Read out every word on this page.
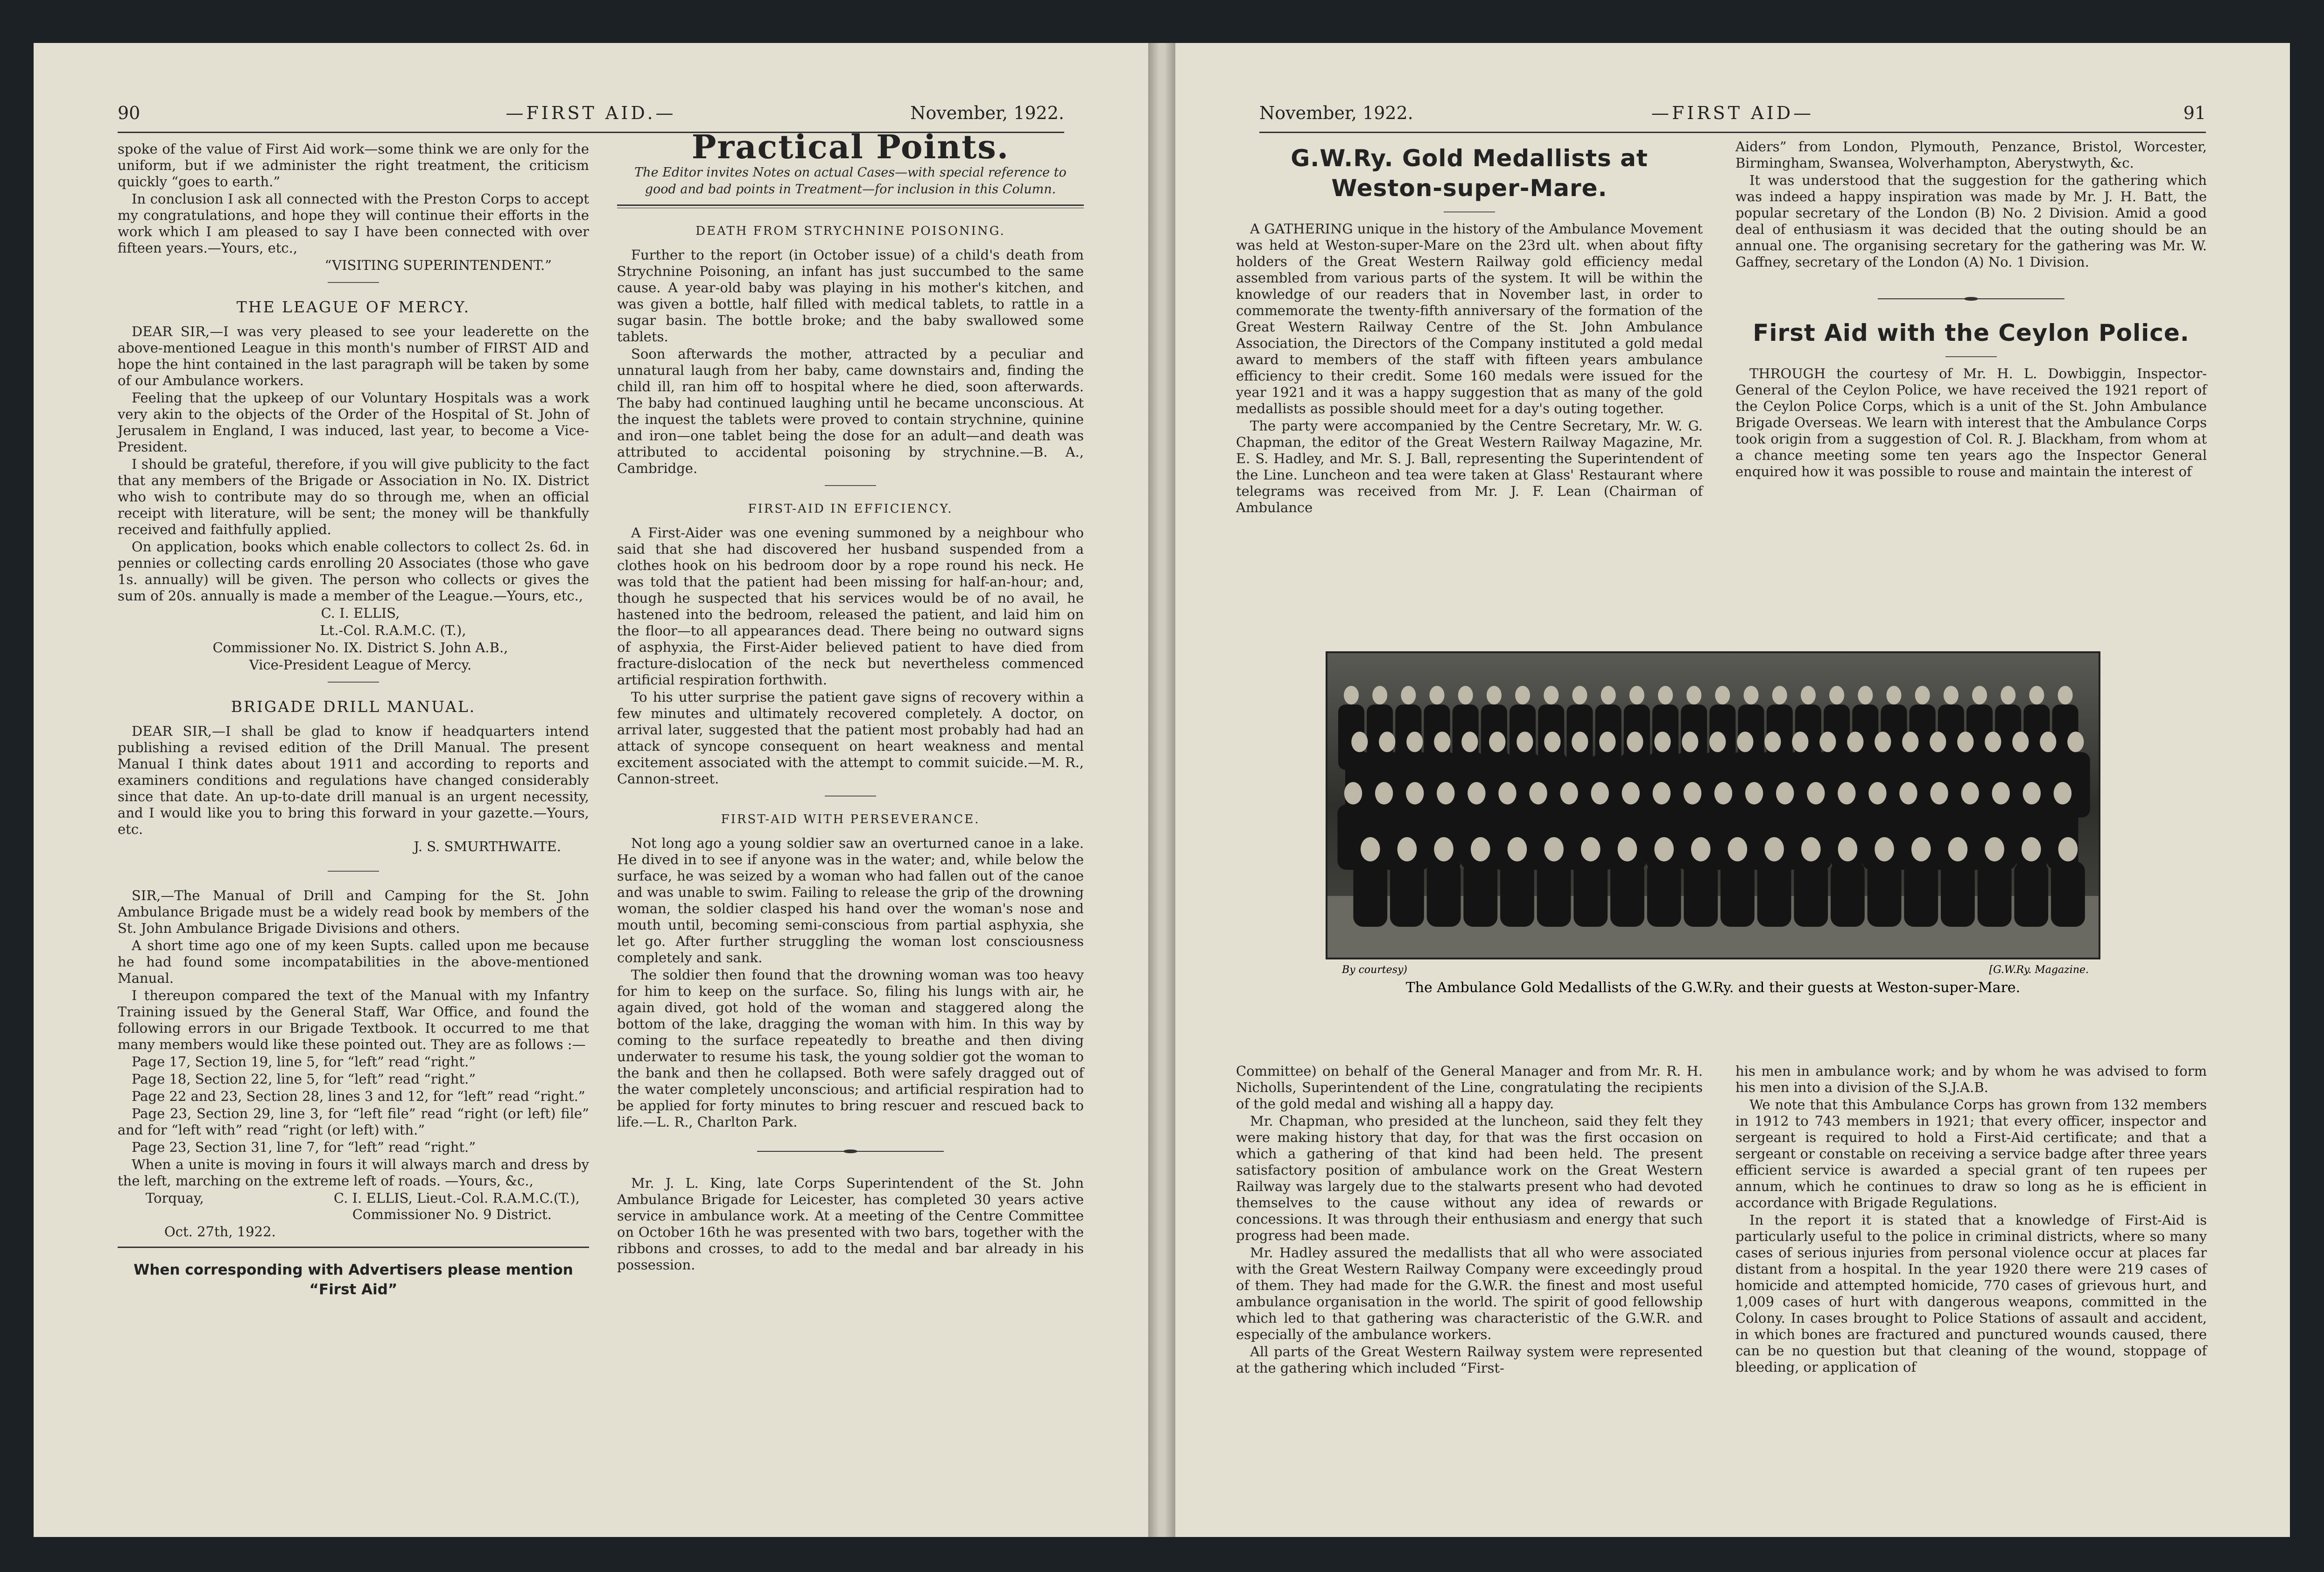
90	—FIRST AID.—	November, 1922.

spoke of the value of First Aid work—some think we are only for the uniform, but if we administer the right treatment, the criticism quickly “goes to earth.”

In conclusion I ask all connected with the Preston Corps to accept my congratulations, and hope they will continue their efforts in the work which I am pleased to say I have been connected with over fifteen years.—Yours, etc.,

“VISITING SUPERINTENDENT.”

THE LEAGUE OF MERCY.

DEAR SIR,—I was very pleased to see your leaderette on the above-mentioned League in this month's number of FIRST AID and hope the hint contained in the last paragraph will be taken by some of our Ambulance workers.

Feeling that the upkeep of our Voluntary Hospitals was a work very akin to the objects of the Order of the Hospital of St. John of Jerusalem in England, I was induced, last year, to become a Vice-President.

I should be grateful, therefore, if you will give publicity to the fact that any members of the Brigade or Association in No. IX. District who wish to contribute may do so through me, when an official receipt with literature, will be sent; the money will be thankfully received and faithfully applied.

On application, books which enable collectors to collect 2s. 6d. in pennies or collecting cards enrolling 20 Associates (those who gave 1s. annually) will be given. The person who collects or gives the sum of 20s. annually is made a member of the League.—Yours, etc.,

C. I. ELLIS,

Lt.-Col. R.A.M.C. (T.),

Commissioner No. IX. District S. John A.B.,

Vice-President League of Mercy.

BRIGADE DRILL MANUAL.

DEAR SIR,—I shall be glad to know if headquarters intend publishing a revised edition of the Drill Manual. The present Manual I think dates about 1911 and according to reports and examiners conditions and regulations have changed considerably since that date. An up-to-date drill manual is an urgent necessity, and I would like you to bring this forward in your gazette.—Yours, etc.

J. S. SMURTHWAITE.

SIR,—The Manual of Drill and Camping for the St. John Ambulance Brigade must be a widely read book by members of the St. John Ambulance Brigade Divisions and others.

A short time ago one of my keen Supts. called upon me because he had found some incompatabilities in the above-mentioned Manual.

I thereupon compared the text of the Manual with my Infantry Training issued by the General Staff, War Office, and found the following errors in our Brigade Textbook. It occurred to me that many members would like these pointed out. They are as follows :—

Page 17, Section 19, line 5, for “left” read “right.”

Page 18, Section 22, line 5, for “left” read “right.”

Page 22 and 23, Section 28, lines 3 and 12, for “left” read “right.”

Page 23, Section 29, line 3, for “left file” read “right (or left) file” and for “left with” read “right (or left) with.”

Page 23, Section 31, line 7, for “left” read “right.”

When a unite is moving in fours it will always march and dress by the left, marching on the extreme left of roads. —Yours, &c.,

Torquay,	C. I. ELLIS, Lieut.-Col. R.A.M.C.(T.),
Commissioner No. 9 District.

Oct. 27th, 1922.

When corresponding with Advertisers please mention “First Aid”
Practical Points.
The Editor invites Notes on actual Cases—with special reference to good and bad points in Treatment—for inclusion in this Column.
DEATH FROM STRYCHNINE POISONING.

Further to the report (in October issue) of a child's death from Strychnine Poisoning, an infant has just succumbed to the same cause. A year-old baby was playing in his mother's kitchen, and was given a bottle, half filled with medical tablets, to rattle in a sugar basin. The bottle broke; and the baby swallowed some tablets.

Soon afterwards the mother, attracted by a peculiar and unnatural laugh from her baby, came downstairs and, finding the child ill, ran him off to hospital where he died, soon afterwards. The baby had continued laughing until he became unconscious. At the inquest the tablets were proved to contain strychnine, quinine and iron—one tablet being the dose for an adult—and death was attributed to accidental poisoning by strychnine.—B. A., Cambridge.

FIRST-AID IN EFFICIENCY.

A First-Aider was one evening summoned by a neighbour who said that she had discovered her husband suspended from a clothes hook on his bedroom door by a rope round his neck. He was told that the patient had been missing for half-an-hour; and, though he suspected that his services would be of no avail, he hastened into the bedroom, released the patient, and laid him on the floor—to all appearances dead. There being no outward signs of asphyxia, the First-Aider believed patient to have died from fracture-dislocation of the neck but nevertheless commenced artificial respiration forthwith.

To his utter surprise the patient gave signs of recovery within a few minutes and ultimately recovered completely. A doctor, on arrival later, suggested that the patient most probably had had an attack of syncope consequent on heart weakness and mental excitement associated with the attempt to commit suicide.—M. R., Cannon-street.

FIRST-AID WITH PERSEVERANCE.

Not long ago a young soldier saw an overturned canoe in a lake. He dived in to see if anyone was in the water; and, while below the surface, he was seized by a woman who had fallen out of the canoe and was unable to swim. Failing to release the grip of the drowning woman, the soldier clasped his hand over the woman's nose and mouth until, becoming semi-conscious from partial asphyxia, she let go. After further struggling the woman lost consciousness completely and sank.

The soldier then found that the drowning woman was too heavy for him to keep on the surface. So, filing his lungs with air, he again dived, got hold of the woman and staggered along the bottom of the lake, dragging the woman with him. In this way by coming to the surface repeatedly to breathe and then diving underwater to resume his task, the young soldier got the woman to the bank and then he collapsed. Both were safely dragged out of the water completely unconscious; and artificial respiration had to be applied for forty minutes to bring rescuer and rescued back to life.—L. R., Charlton Park.

Mr. J. L. King, late Corps Superintendent of the St. John Ambulance Brigade for Leicester, has completed 30 years active service in ambulance work. At a meeting of the Centre Committee on October 16th he was presented with two bars, together with the ribbons and crosses, to add to the medal and bar already in his possession.

November, 1922.	—FIRST AID—	91
G.W.Ry. Gold Medallists at Weston-super-Mare.

A GATHERING unique in the history of the Ambulance Movement was held at Weston-super-Mare on the 23rd ult. when about fifty holders of the Great Western Railway gold efficiency medal assembled from various parts of the system. It will be within the knowledge of our readers that in November last, in order to commemorate the twenty-fifth anniversary of the formation of the Great Western Railway Centre of the St. John Ambulance Association, the Directors of the Company instituted a gold medal award to members of the staff with fifteen years ambulance efficiency to their credit. Some 160 medals were issued for the year 1921 and it was a happy suggestion that as many of the gold medallists as possible should meet for a day's outing together.

The party were accompanied by the Centre Secretary, Mr. W. G. Chapman, the editor of the Great Western Railway Magazine, Mr. E. S. Hadley, and Mr. S. J. Ball, representing the Superintendent of the Line. Luncheon and tea were taken at Glass' Restaurant where telegrams was received from Mr. J. F. Lean (Chairman of Ambulance

Aiders” from London, Plymouth, Penzance, Bristol, Worcester, Birmingham, Swansea, Wolverhampton, Aberystwyth, &c.

It was understood that the suggestion for the gathering which was indeed a happy inspiration was made by Mr. J. H. Batt, the popular secretary of the London (B) No. 2 Division. Amid a good deal of enthusiasm it was decided that the outing should be an annual one. The organising secretary for the gathering was Mr. W. Gaffney, secretary of the London (A) No. 1 Division.

First Aid with the Ceylon Police.

THROUGH the courtesy of Mr. H. L. Dowbiggin, Inspector-General of the Ceylon Police, we have received the 1921 report of the Ceylon Police Corps, which is a unit of the St. John Ambulance Brigade Overseas. We learn with interest that the Ambulance Corps took origin from a suggestion of Col. R. J. Blackham, from whom at a chance meeting some ten years ago the Inspector General enquired how it was possible to rouse and maintain the interest of

Committee) on behalf of the General Manager and from Mr. R. H. Nicholls, Superintendent of the Line, congratulating the recipients of the gold medal and wishing all a happy day.

Mr. Chapman, who presided at the luncheon, said they felt they were making history that day, for that was the first occasion on which a gathering of that kind had been held. The present satisfactory position of ambulance work on the Great Western Railway was largely due to the stalwarts present who had devoted themselves to the cause without any idea of rewards or concessions. It was through their enthusiasm and energy that such progress had been made.

Mr. Hadley assured the medallists that all who were associated with the Great Western Railway Company were exceedingly proud of them. They had made for the G.W.R. the finest and most useful ambulance organisation in the world. The spirit of good fellowship which led to that gathering was characteristic of the G.W.R. and especially of the ambulance workers.

All parts of the Great Western Railway system were represented at the gathering which included “First-

his men in ambulance work; and by whom he was advised to form his men into a division of the S.J.A.B.

We note that this Ambulance Corps has grown from 132 members in 1912 to 743 members in 1921; that every officer, inspector and sergeant is required to hold a First-Aid certificate; and that a sergeant or constable on receiving a service badge after three years efficient service is awarded a special grant of ten rupees per annum, which he continues to draw so long as he is efficient in accordance with Brigade Regulations.

In the report it is stated that a knowledge of First-Aid is particularly useful to the police in criminal districts, where so many cases of serious injuries from personal violence occur at places far distant from a hospital. In the year 1920 there were 219 cases of homicide and attempted homicide, 770 cases of grievous hurt, and 1,009 cases of hurt with dangerous weapons, committed in the Colony. In cases brought to Police Stations of assault and accident, in which bones are fractured and punctured wounds caused, there can be no question but that cleaning of the wound, stoppage of bleeding, or application of

By courtesy)	[G.W.Ry. Magazine.
The Ambulance Gold Medallists of the G.W.Ry. and their guests at Weston-super-Mare.
